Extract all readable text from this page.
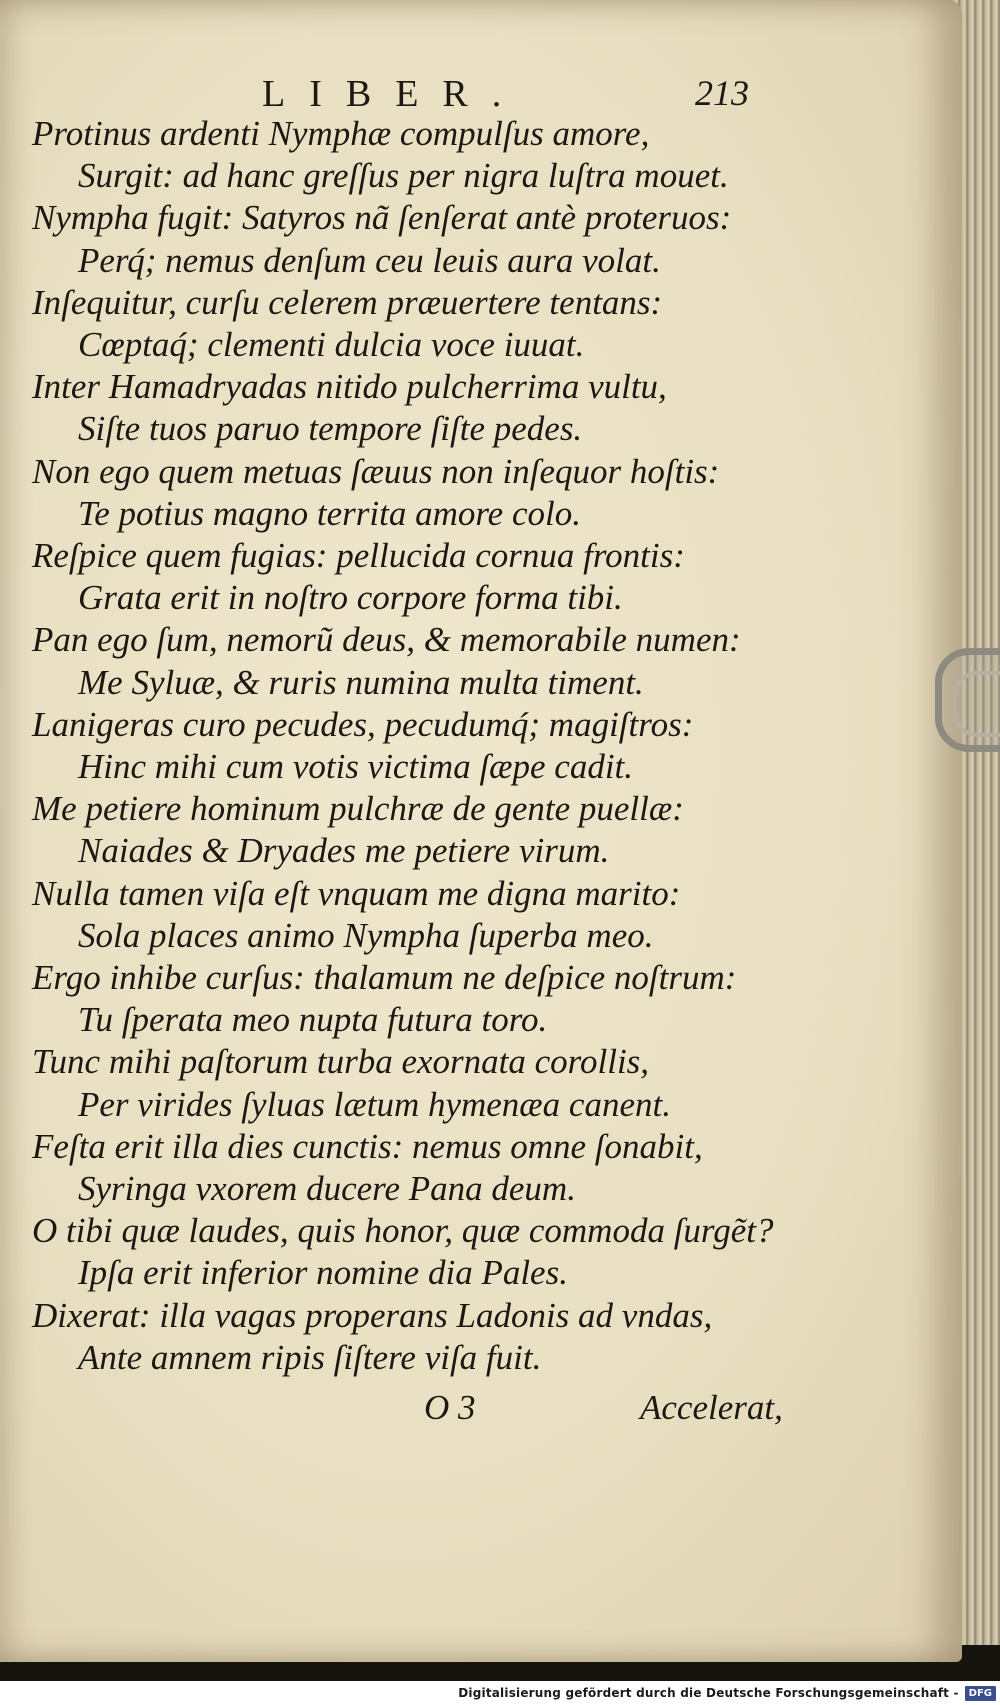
LIBER.	213
Protinus ardenti Nymphæ compulſus amore,
Surgit: ad hanc greſſus per nigra luſtra mouet.
Nympha fugit: Satyros nã ſenſerat antè proteruos:
Perq́; nemus denſum ceu leuis aura volat.
Inſequitur, curſu celerem præuertere tentans:
Cœptaq́; clementi dulcia voce iuuat.
Inter Hamadryadas nitido pulcherrima vultu,
Siſte tuos paruo tempore ſiſte pedes.
Non ego quem metuas ſæuus non inſequor hoſtis:
Te potius magno territa amore colo.
Reſpice quem fugias: pellucida cornua frontis:
Grata erit in noſtro corpore forma tibi.
Pan ego ſum, nemorũ deus, & memorabile numen:
Me Syluæ, & ruris numina multa timent.
Lanigeras curo pecudes, pecudumq́; magiſtros:
Hinc mihi cum votis victima ſæpe cadit.
Me petiere hominum pulchræ de gente puellæ:
Naiades & Dryades me petiere virum.
Nulla tamen viſa eſt vnquam me digna marito:
Sola places animo Nympha ſuperba meo.
Ergo inhibe curſus: thalamum ne deſpice noſtrum:
Tu ſperata meo nupta futura toro.
Tunc mihi paſtorum turba exornata corollis,
Per virides ſyluas lætum hymenæa canent.
Feſta erit illa dies cunctis: nemus omne ſonabit,
Syringa vxorem ducere Pana deum.
O tibi quæ laudes, quis honor, quæ commoda ſurgẽt?
Ipſa erit inferior nomine dia Pales.
Dixerat: illa vagas properans Ladonis ad vndas,
Ante amnem ripis ſiſtere viſa fuit.
O 3	Accelerat,
Digitalisierung gefördert durch die Deutsche Forschungsgemeinschaft -	DFG
